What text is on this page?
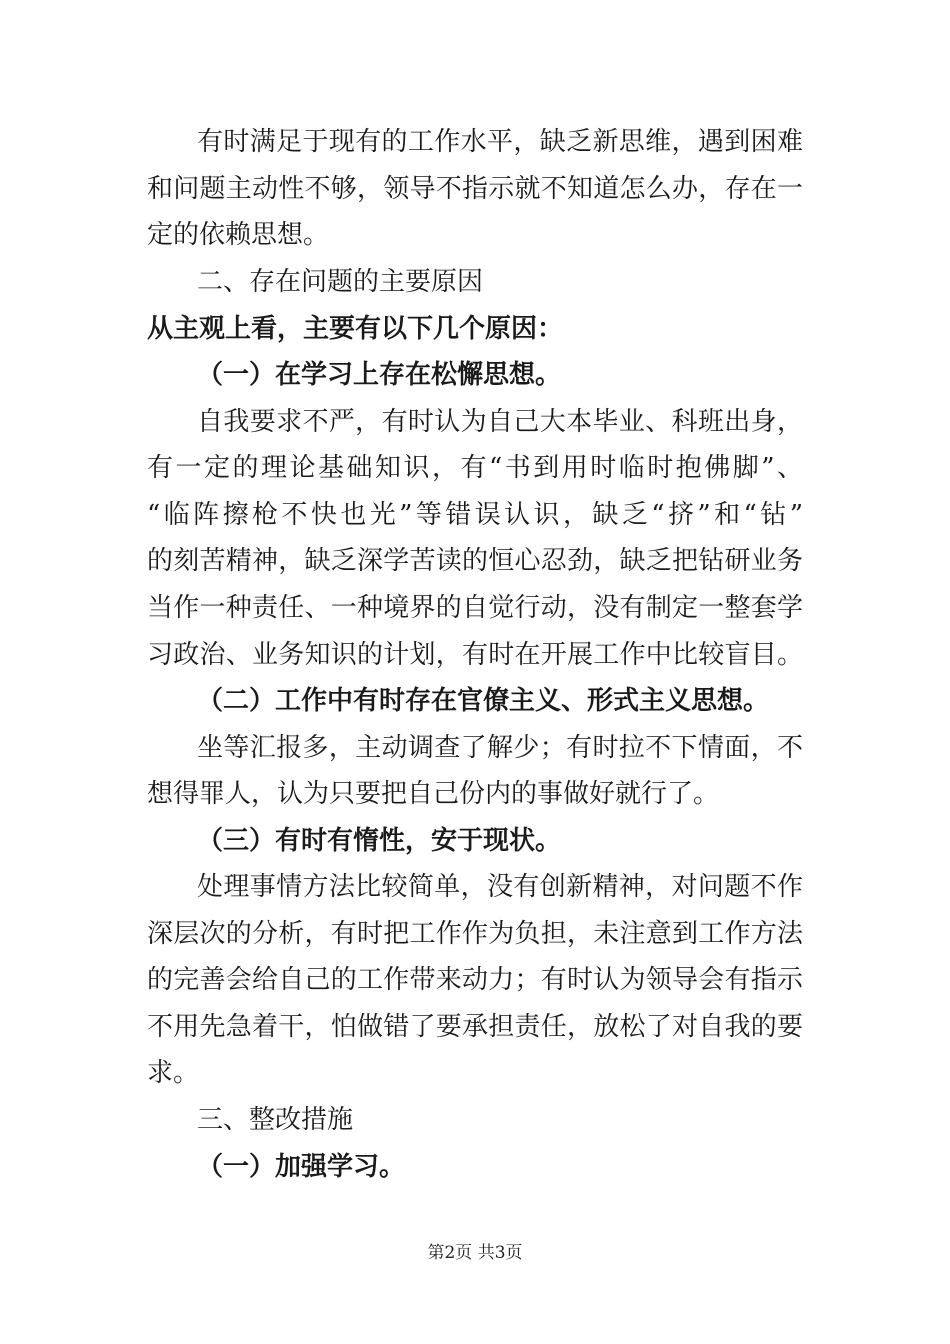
有时满足于现有的工作水平，缺乏新思维，遇到困难

和问题主动性不够，领导不指示就不知道怎么办，存在一

定的依赖思想。

二、存在问题的主要原因

从主观上看，主要有以下几个原因：

（一）在学习上存在松懈思想。

自我要求不严，有时认为自己大本毕业、科班出身，

有一定的理论基础知识，有“书到用时临时抱佛脚”、

“临阵擦枪不快也光”等错误认识，缺乏“挤”和“钻”

的刻苦精神，缺乏深学苦读的恒心忍劲，缺乏把钻研业务

当作一种责任、一种境界的自觉行动，没有制定一整套学

习政治、业务知识的计划，有时在开展工作中比较盲目。

（二）工作中有时存在官僚主义、形式主义思想。

坐等汇报多，主动调查了解少；有时拉不下情面，不

想得罪人，认为只要把自己份内的事做好就行了。

（三）有时有惰性，安于现状。

处理事情方法比较简单，没有创新精神，对问题不作

深层次的分析，有时把工作作为负担，未注意到工作方法

的完善会给自己的工作带来动力；有时认为领导会有指示

不用先急着干，怕做错了要承担责任，放松了对自我的要

求。

三、整改措施

（一）加强学习。

第2页 共3页
